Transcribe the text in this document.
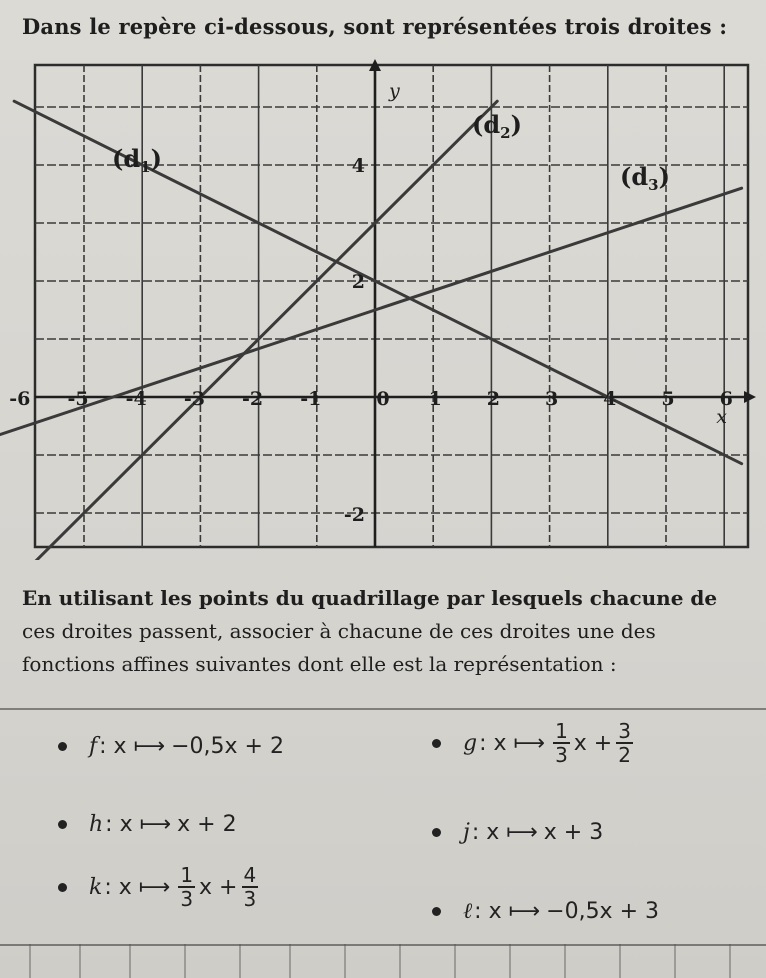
Dans le repère ci-dessous, sont représentées trois droites :
-6 -5 -4 -3 -2 -1	0 1 2 3 4 5 6
4
2
-2
x
y
$(d_1)$
$(d_2)$
$(d_3)$
En utilisant les points du quadrillage par lesquels chacune de
ces droites passent, associer à chacune de ces droites une des
fonctions affines suivantes dont elle est la représentation :
f : x ⟼ −0,5x + 2	g : x ⟼ $\frac{1}{3}$ $x + \frac{3}{2}$
h : x ⟼ x + 2	j : x ⟼ x + 3
k : x ⟼ $\frac{1}{3}$ $x + \frac{4}{3}$
ℓ : x ⟼ −0,5x + 3
